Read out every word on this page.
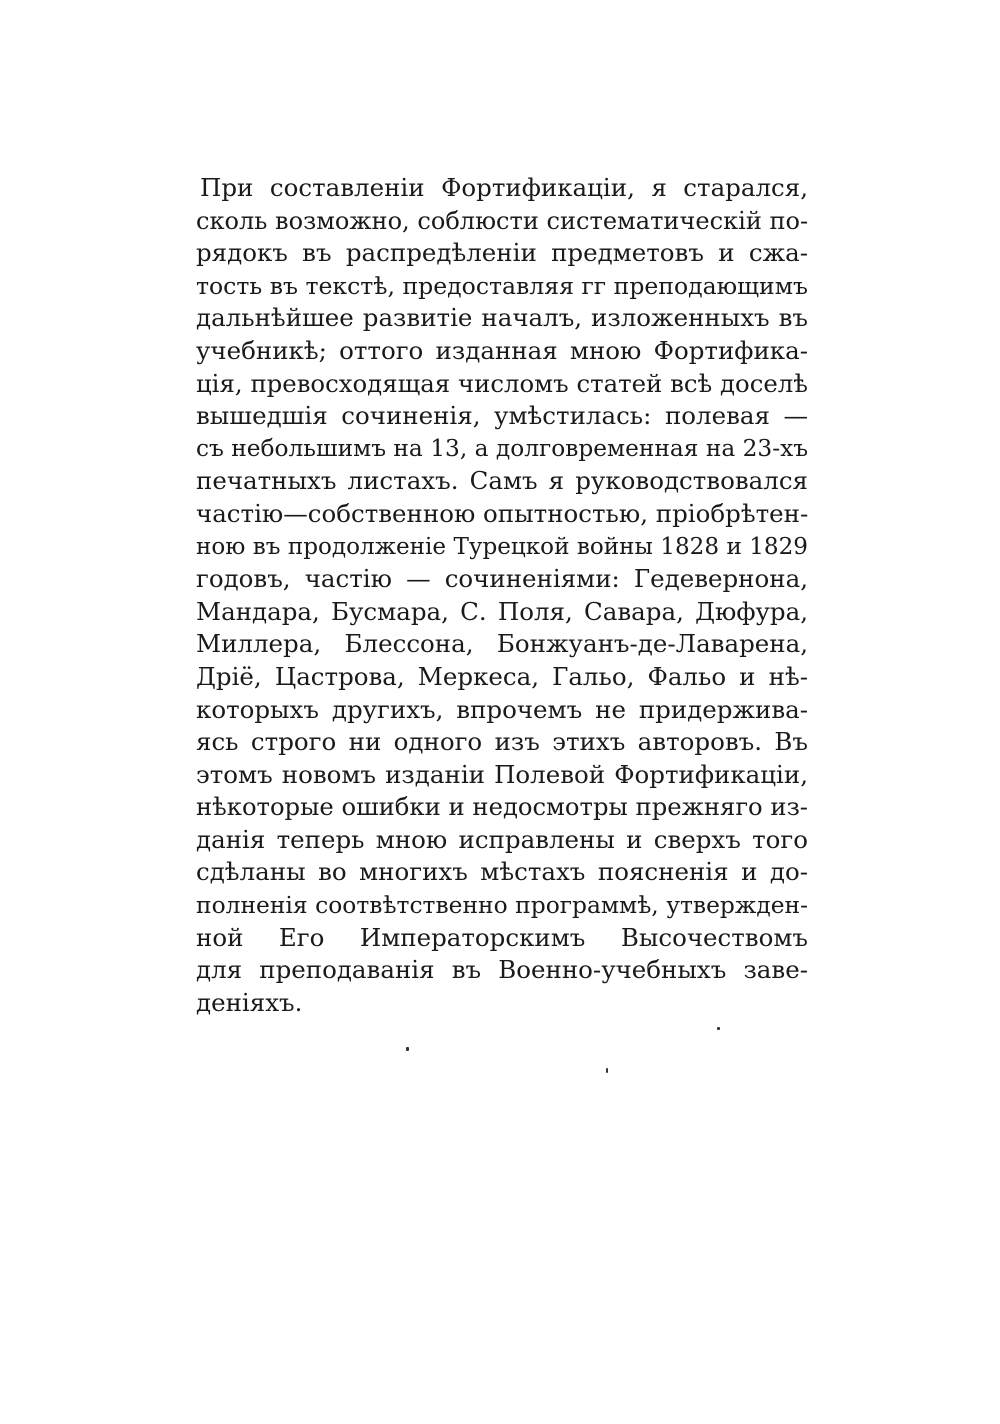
При составленіи Фортификаціи, я старался,
сколь возможно, соблюсти систематическій по-
рядокъ въ распредѣленіи предметовъ и сжа-
тость въ текстѣ, предоставляя гг преподающимъ
дальнѣйшее развитіе началъ, изложенныхъ въ
учебникѣ; оттого изданная мною Фортифика-
ція, превосходящая числомъ статей всѣ доселѣ
вышедшія сочиненія, умѣстилась: полевая —
съ небольшимъ на 13, а долговременная на 23-хъ
печатныхъ листахъ. Самъ я руководствовался
частію—собственною опытностью, пріобрѣтен-
ною въ продолженіе Турецкой войны 1828 и 1829
годовъ, частію — сочиненіями: Гедевернона,
Мандара, Бусмара, С. Поля, Савара, Дюфура,
Миллера, Блессона, Бонжуанъ-де-Лаварена,
Дріё, Цастрова, Меркеса, Гальо, Фальо и нѣ-
которыхъ другихъ, впрочемъ не придержива-
ясь строго ни одного изъ этихъ авторовъ. Въ
этомъ новомъ изданіи Полевой Фортификаціи,
нѣкоторые ошибки и недосмотры прежняго из-
данія теперь мною исправлены и сверхъ того
сдѣланы во многихъ мѣстахъ поясненія и до-
полненія соотвѣтственно программѣ, утвержден-
ной Его Императорскимъ Высочествомъ
для преподаванія въ Военно-учебныхъ заве-
деніяхъ.
